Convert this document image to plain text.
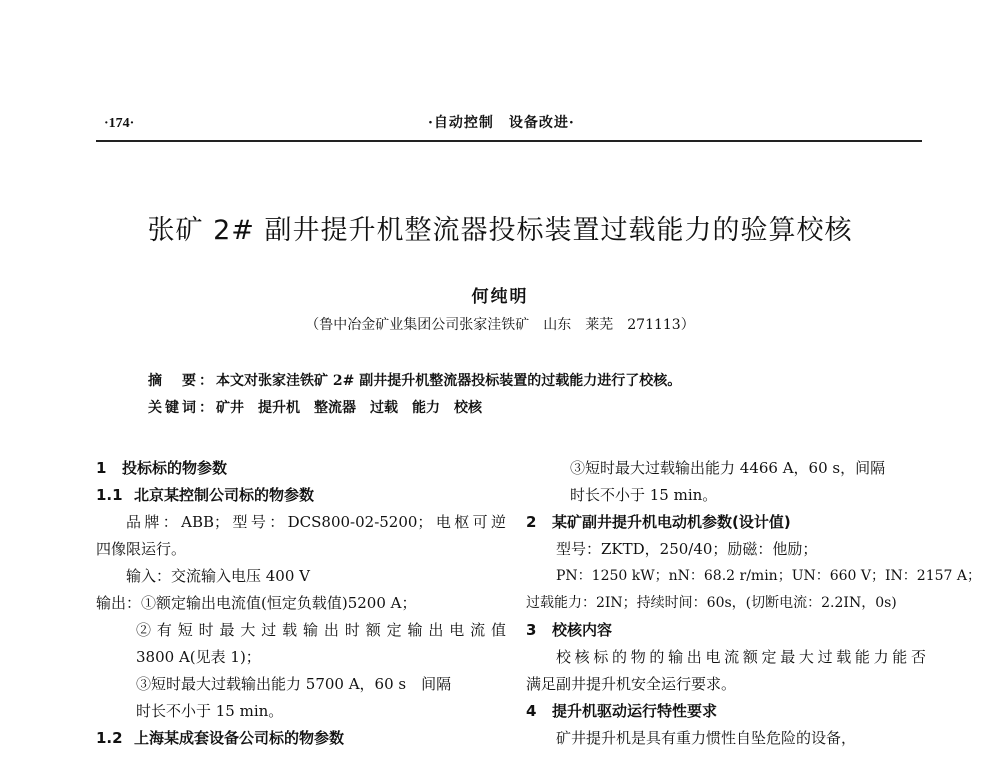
·174·	·自动控制　设备改进·
张矿 2# 副井提升机整流器投标装置过载能力的验算校核
何纯明
（鲁中冶金矿业集团公司张家洼铁矿　山东　莱芜　271113）
摘　要：本文对张家洼铁矿 2# 副井提升机整流器投标装置的过载能力进行了校核。
关键词：矿井　提升机　整流器　过载　能力　校核
1 投标标的物参数
1.1 北京某控制公司标的物参数
品牌：ABB；型号：DCS800-02-5200；电枢可逆
四像限运行。
输入：交流输入电压 400 V
输出：①额定输出电流值(恒定负载值)5200 A；
②有短时最大过载输出时额定输出电流值
3800 A(见表 1)；
③短时最大过载输出能力 5700 A，60 s　间隔
时长不小于 15 min。
1.2 上海某成套设备公司标的物参数
③短时最大过载输出能力 4466 A，60 s，间隔
时长不小于 15 min。
2 某矿副井提升机电动机参数(设计值)
型号：ZKTD，250/40；励磁：他励；
PN：1250 kW；nN：68.2 r/min；UN：660 V；IN：2157 A；
过载能力：2IN；持续时间：60s，(切断电流：2.2IN，0s)
3 校核内容
校核标的物的输出电流额定最大过载能力能否
满足副井提升机安全运行要求。
4 提升机驱动运行特性要求
矿井提升机是具有重力惯性自坠危险的设备，
